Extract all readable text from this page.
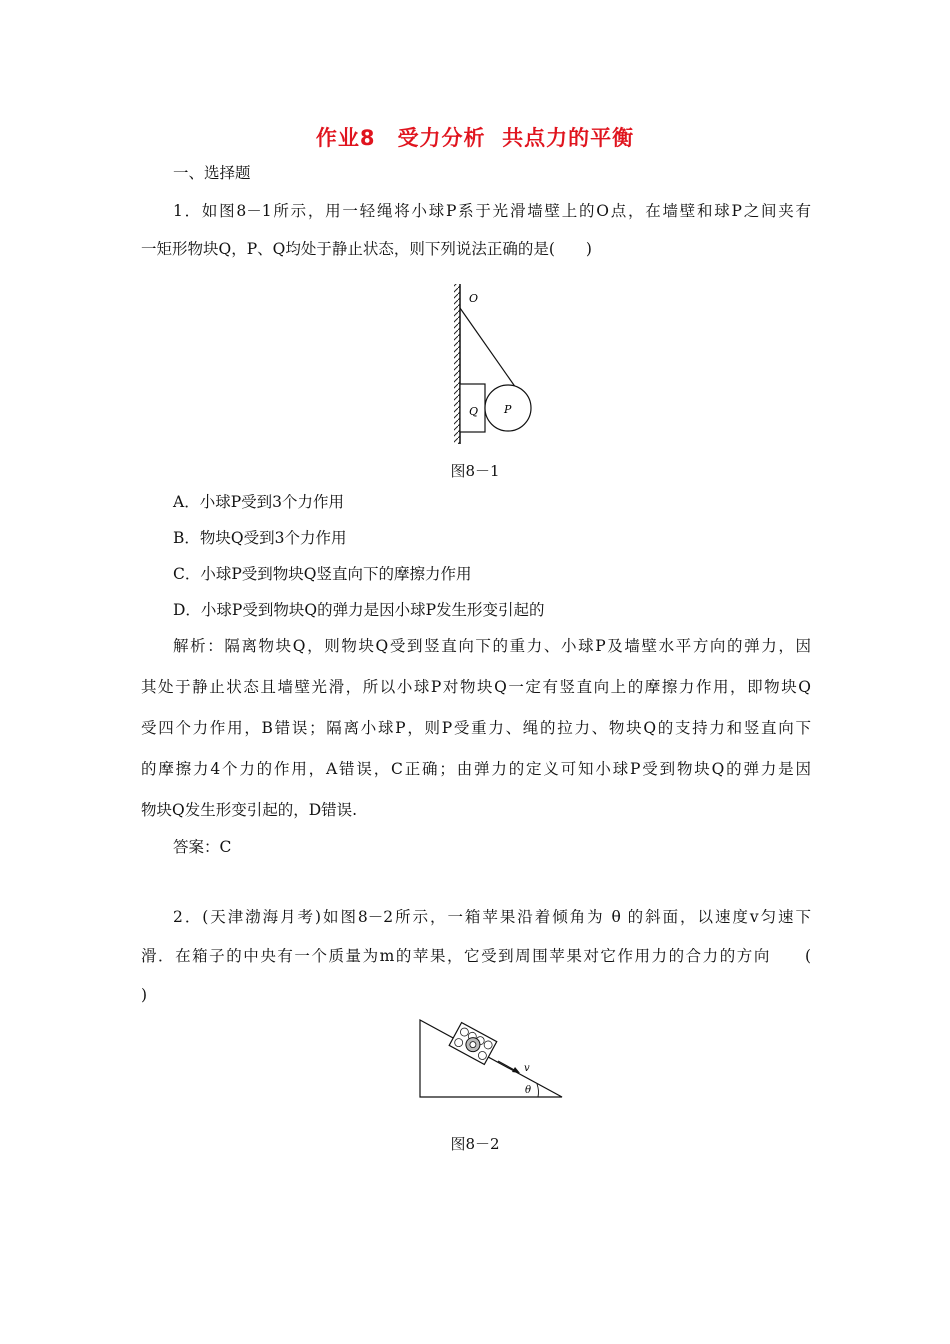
作业8　受力分析  共点力的平衡
一、选择题
1．如图8－1所示，用一轻绳将小球P系于光滑墙壁上的O点，在墙壁和球P之间夹有
一矩形物块Q，P、Q均处于静止状态，则下列说法正确的是(　　)
O
Q P
图8－1
A．小球P受到3个力作用
B．物块Q受到3个力作用
C．小球P受到物块Q竖直向下的摩擦力作用
D．小球P受到物块Q的弹力是因小球P发生形变引起的
解析：隔离物块Q，则物块Q受到竖直向下的重力、小球P及墙壁水平方向的弹力，因
其处于静止状态且墙壁光滑，所以小球P对物块Q一定有竖直向上的摩擦力作用，即物块Q
受四个力作用，B错误；隔离小球P，则P受重力、绳的拉力、物块Q的支持力和竖直向下
的摩擦力4个力的作用，A错误，C正确；由弹力的定义可知小球P受到物块Q的弹力是因
物块Q发生形变引起的，D错误.
答案：C
2．(天津渤海月考)如图8－2所示，一箱苹果沿着倾角为 θ 的斜面，以速度v匀速下
滑．在箱子的中央有一个质量为m的苹果，它受到周围苹果对它作用力的合力的方向　　(
)
v
θ
图8－2
